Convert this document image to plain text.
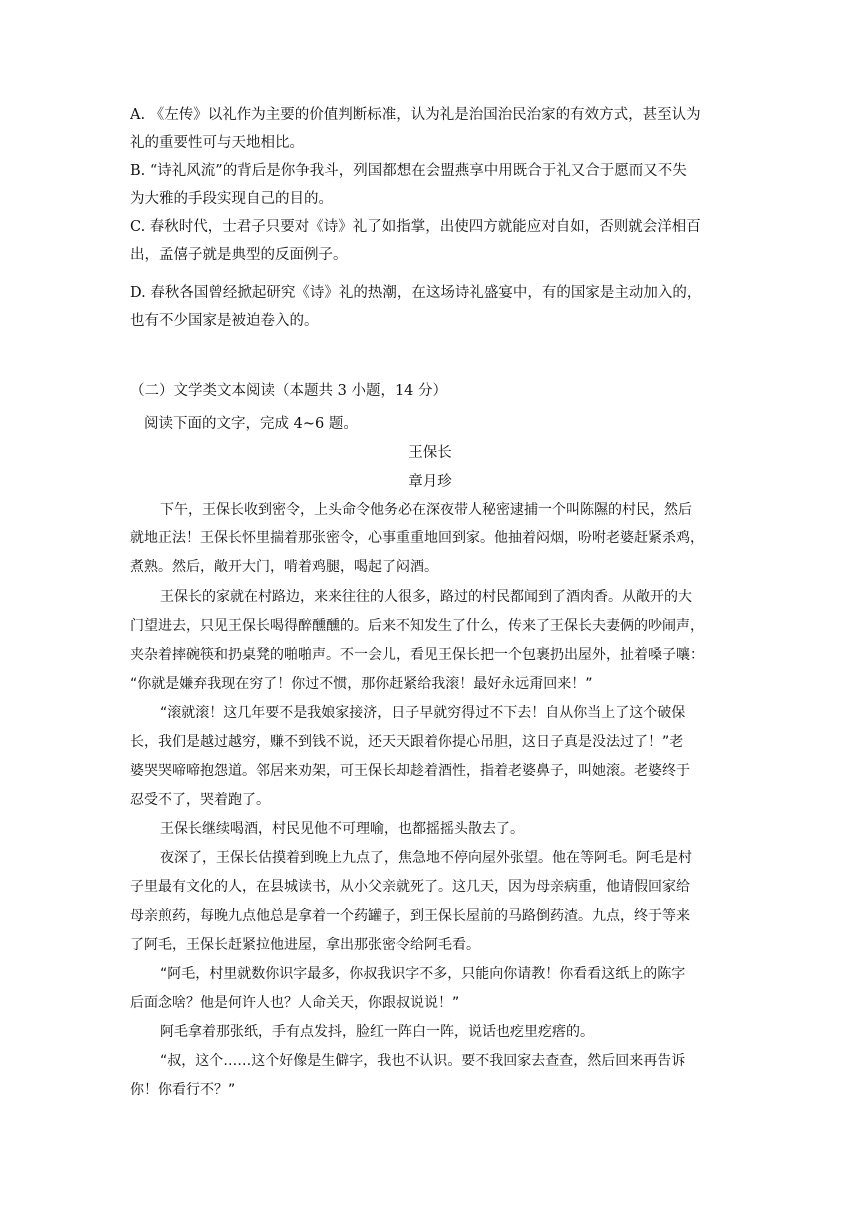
A. 《左传》以礼作为主要的价值判断标准，认为礼是治国治民治家的有效方式，甚至认为
礼的重要性可与天地相比。
B. “诗礼风流”的背后是你争我斗，列国都想在会盟燕享中用既合于礼又合于愿而又不失
为大雅的手段实现自己的目的。
C. 春秋时代，士君子只要对《诗》礼了如指掌，出使四方就能应对自如，否则就会洋相百
出，孟僖子就是典型的反面例子。
D. 春秋各国曾经掀起研究《诗》礼的热潮，在这场诗礼盛宴中，有的国家是主动加入的，
也有不少国家是被迫卷入的。
（二）文学类文本阅读（本题共 3 小题，14 分）
阅读下面的文字，完成 4~6 题。
王保长
章月珍
下午，王保长收到密令，上头命令他务必在深夜带人秘密逮捕一个叫陈隰的村民，然后
就地正法！王保长怀里揣着那张密令，心事重重地回到家。他抽着闷烟，吩咐老婆赶紧杀鸡，
煮熟。然后，敞开大门，啃着鸡腿，喝起了闷酒。
王保长的家就在村路边，来来往往的人很多，路过的村民都闻到了酒肉香。从敞开的大
门望进去，只见王保长喝得醉醺醺的。后来不知发生了什么，传来了王保长夫妻俩的吵闹声，
夹杂着摔碗筷和扔桌凳的啪啪声。不一会儿，看见王保长把一个包裹扔出屋外，扯着嗓子嚷：
“你就是嫌弃我现在穷了！你过不惯，那你赶紧给我滚！最好永远甭回来！”
“滚就滚！这几年要不是我娘家接济，日子早就穷得过不下去！自从你当上了这个破保
长，我们是越过越穷，赚不到钱不说，还天天跟着你提心吊胆，这日子真是没法过了！”老
婆哭哭啼啼抱怨道。邻居来劝架，可王保长却趁着酒性，指着老婆鼻子，叫她滚。老婆终于
忍受不了，哭着跑了。
王保长继续喝酒，村民见他不可理喻，也都摇摇头散去了。
夜深了，王保长估摸着到晚上九点了，焦急地不停向屋外张望。他在等阿毛。阿毛是村
子里最有文化的人，在县城读书，从小父亲就死了。这几天，因为母亲病重，他请假回家给
母亲煎药，每晚九点他总是拿着一个药罐子，到王保长屋前的马路倒药渣。九点，终于等来
了阿毛，王保长赶紧拉他进屋，拿出那张密令给阿毛看。
“阿毛，村里就数你识字最多，你叔我识字不多，只能向你请教！你看看这纸上的陈字
后面念啥？他是何许人也？人命关天，你跟叔说说！”
阿毛拿着那张纸，手有点发抖，脸红一阵白一阵，说话也疙里疙瘩的。
“叔，这个……这个好像是生僻字，我也不认识。要不我回家去查查，然后回来再告诉
你！你看行不？”
